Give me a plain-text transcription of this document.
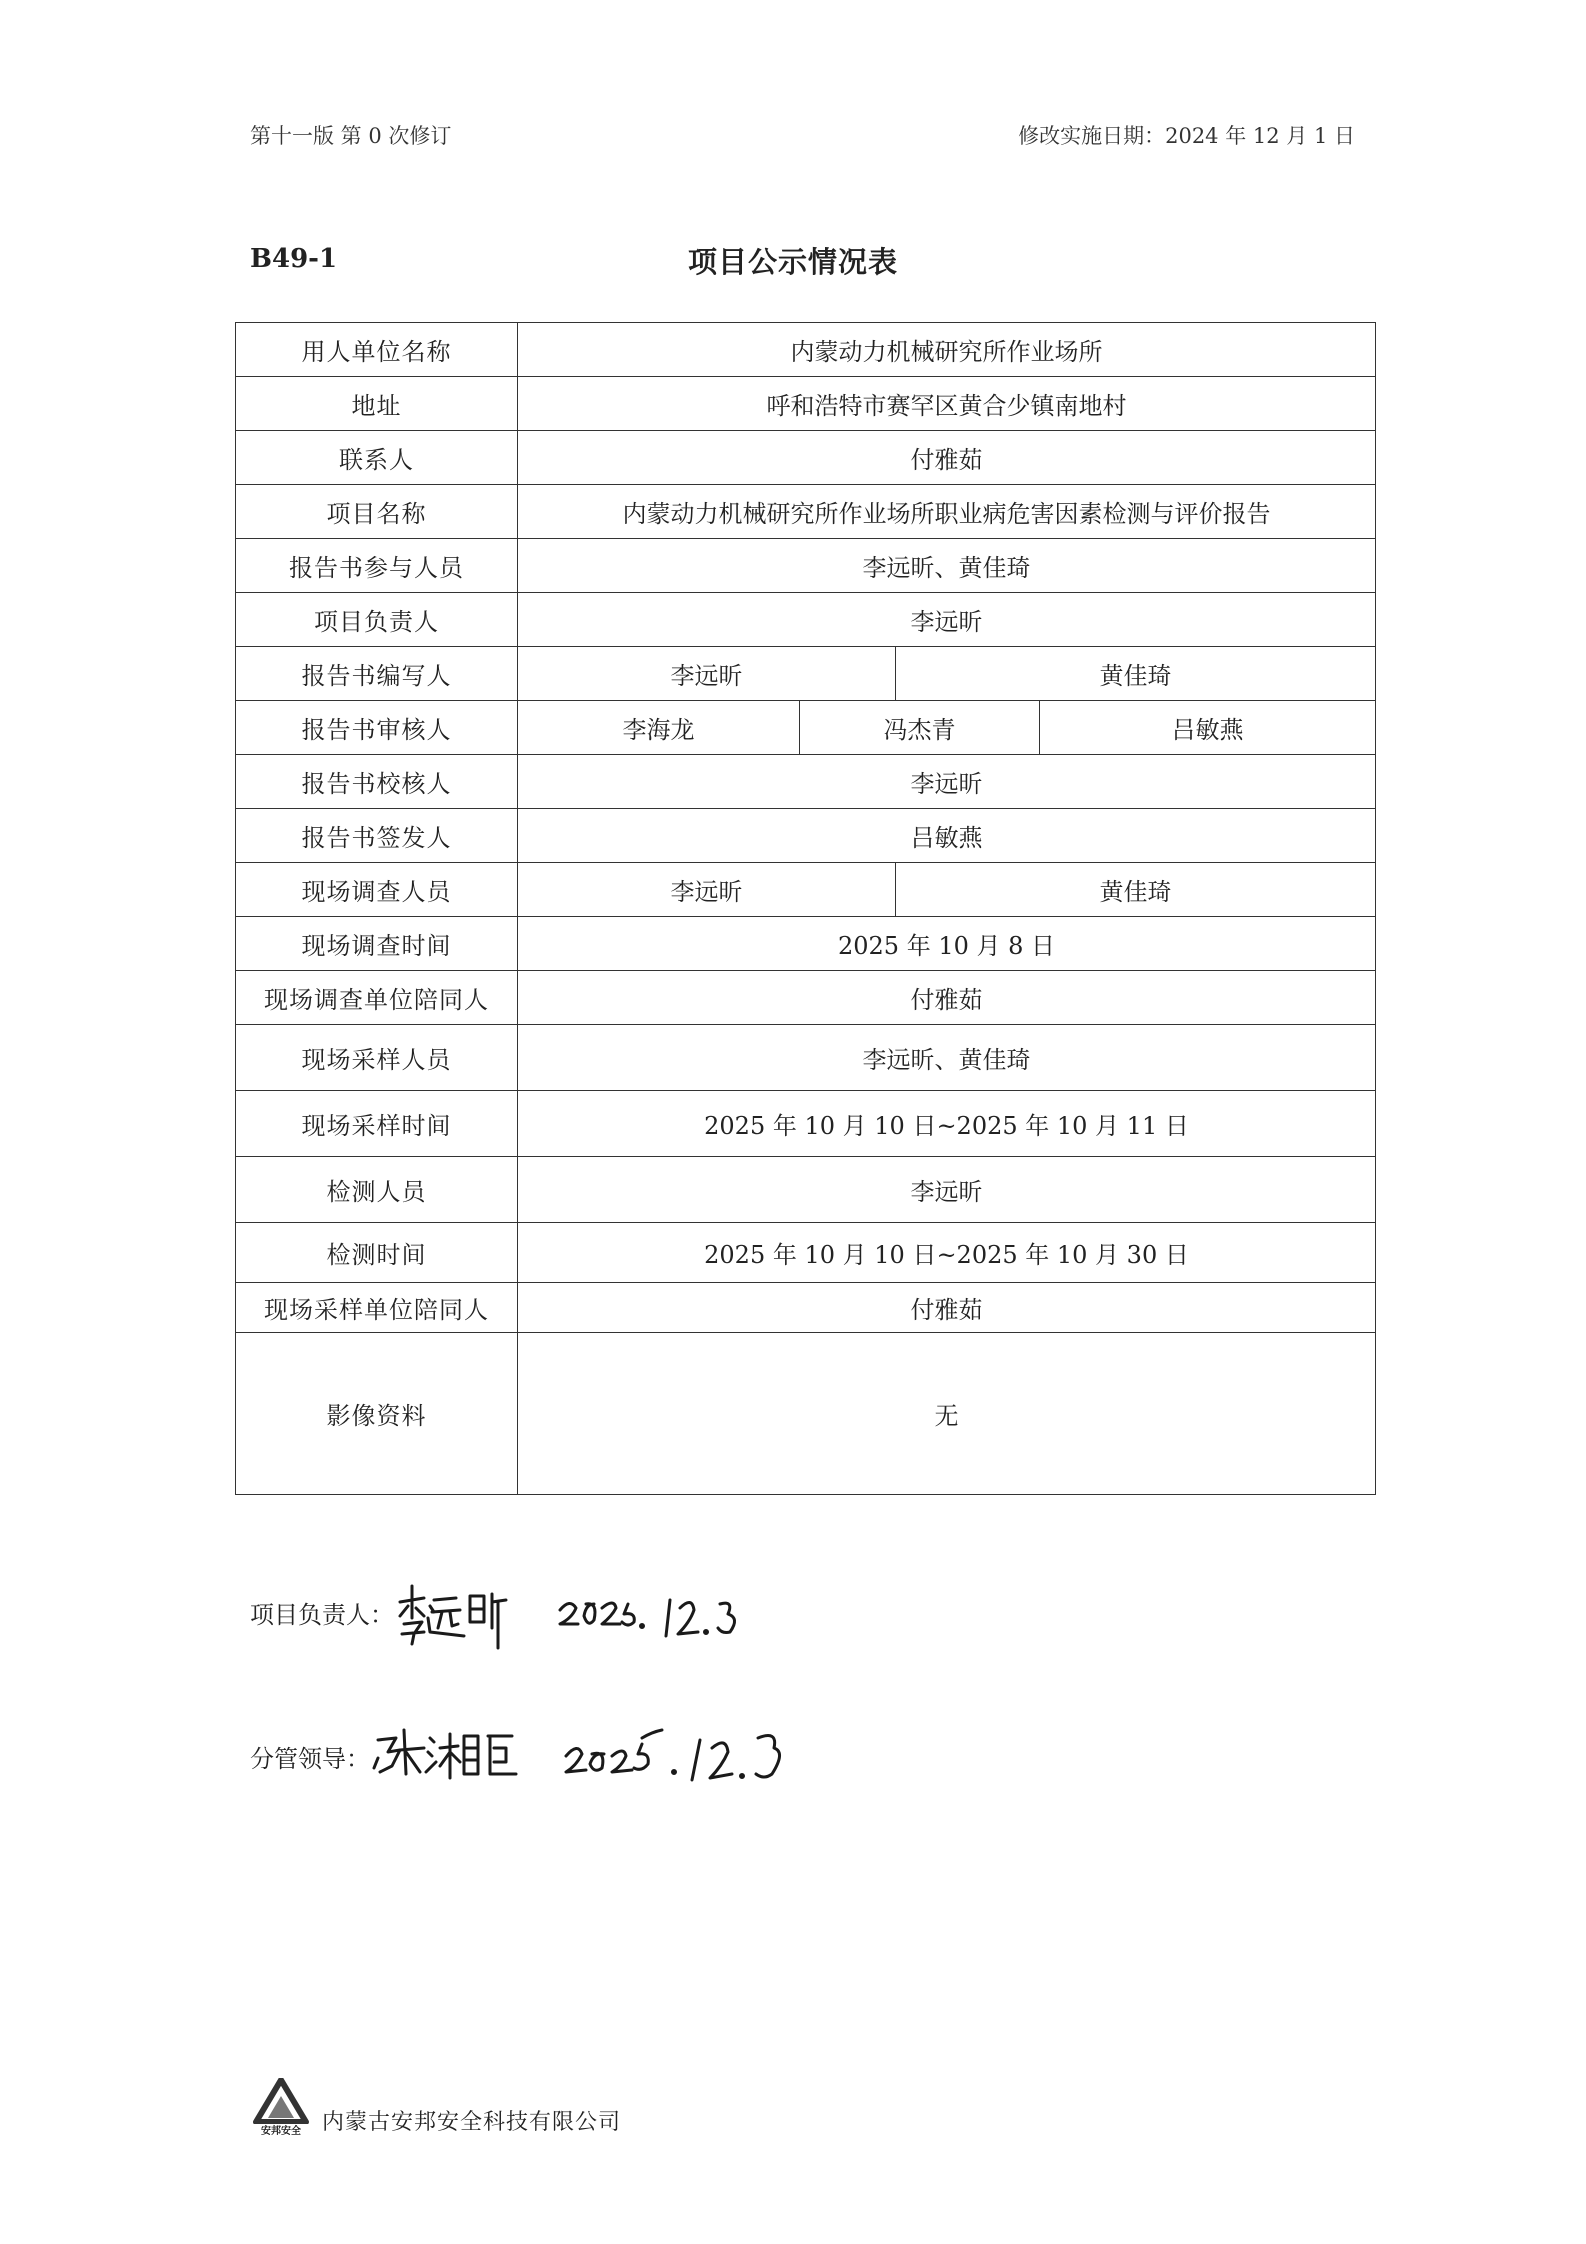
第十一版 第 0 次修订	修改实施日期：2024 年 12 月 1 日
B49-1	项目公示情况表
用人单位名称	内蒙动力机械研究所作业场所			
地址	呼和浩特市赛罕区黄合少镇南地村			
联系人	付雅茹			
项目名称	内蒙动力机械研究所作业场所职业病危害因素检测与评价报告			
报告书参与人员	李远昕、黄佳琦			
项目负责人	李远昕			
报告书编写人	李远昕		黄佳琦	
报告书审核人	李海龙	冯杰青		吕敏燕
报告书校核人	李远昕			
报告书签发人	吕敏燕			
现场调查人员	李远昕		黄佳琦	
现场调查时间	2025 年 10 月 8 日			
现场调查单位陪同人	付雅茹			
现场采样人员	李远昕、黄佳琦			
现场采样时间	2025 年 10 月 10 日~2025 年 10 月 11 日			
检测人员	李远昕			
检测时间	2025 年 10 月 10 日~2025 年 10 月 30 日			
现场采样单位陪同人	付雅茹			
影像资料	无			
项目负责人：
分管领导：
安邦安全 内蒙古安邦安全科技有限公司
